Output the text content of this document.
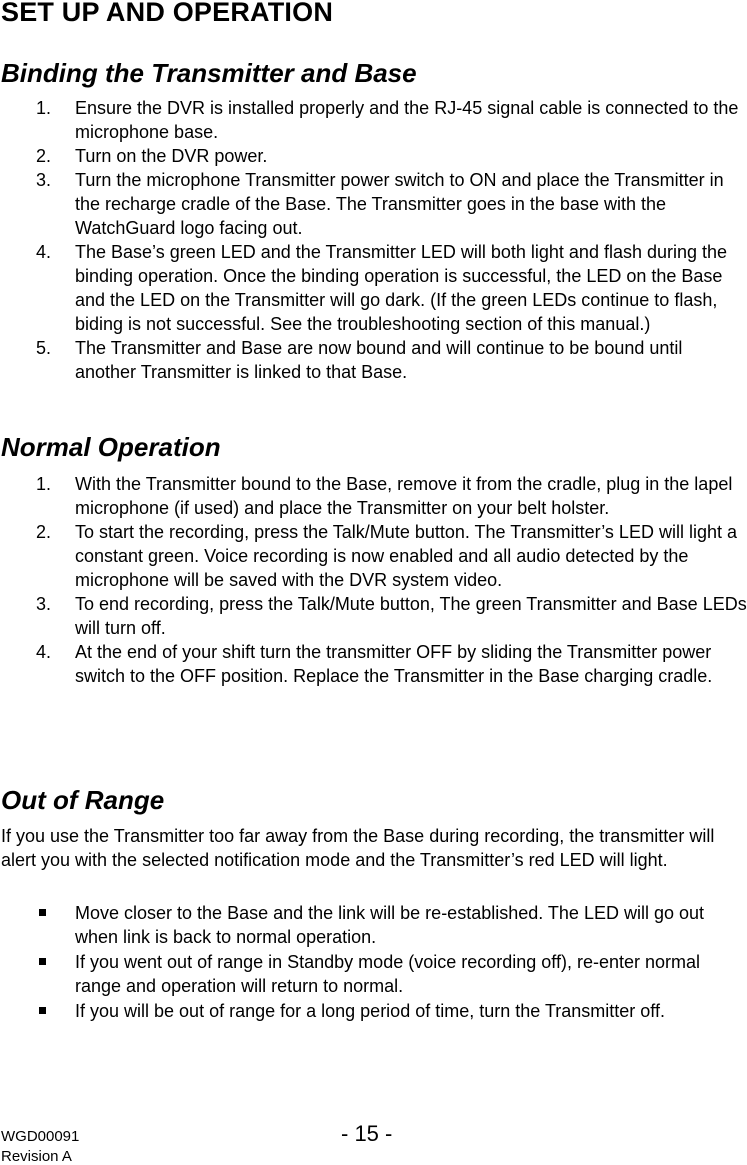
SET UP AND OPERATION
Binding the Transmitter and Base
1. Ensure the DVR is installed properly and the RJ-45 signal cable is connected to the microphone base.
2. Turn on the DVR power.
3. Turn the microphone Transmitter power switch to ON and place the Transmitter in the recharge cradle of the Base. The Transmitter goes in the base with the WatchGuard logo facing out.
4. The Base’s green LED and the Transmitter LED will both light and flash during the binding operation. Once the binding operation is successful, the LED on the Base and the LED on the Transmitter will go dark. (If the green LEDs continue to flash, biding is not successful. See the troubleshooting section of this manual.)
5. The Transmitter and Base are now bound and will continue to be bound until another Transmitter is linked to that Base.
Normal Operation
1. With the Transmitter bound to the Base, remove it from the cradle, plug in the lapel microphone (if used) and place the Transmitter on your belt holster.
2. To start the recording, press the Talk/Mute button. The Transmitter’s LED will light a constant green. Voice recording is now enabled and all audio detected by the microphone will be saved with the DVR system video.
3. To end recording, press the Talk/Mute button, The green Transmitter and Base LEDs will turn off.
4. At the end of your shift turn the transmitter OFF by sliding the Transmitter power switch to the OFF position. Replace the Transmitter in the Base charging cradle.
Out of Range

If you use the Transmitter too far away from the Base during recording, the transmitter will alert you with the selected notification mode and the Transmitter’s red LED will light.

Move closer to the Base and the link will be re-established. The LED will go out when link is back to normal operation.
If you went out of range in Standby mode (voice recording off), re-enter normal range and operation will return to normal.
If you will be out of range for a long period of time, turn the Transmitter off.
WGD00091	- 15 -
Revision A
